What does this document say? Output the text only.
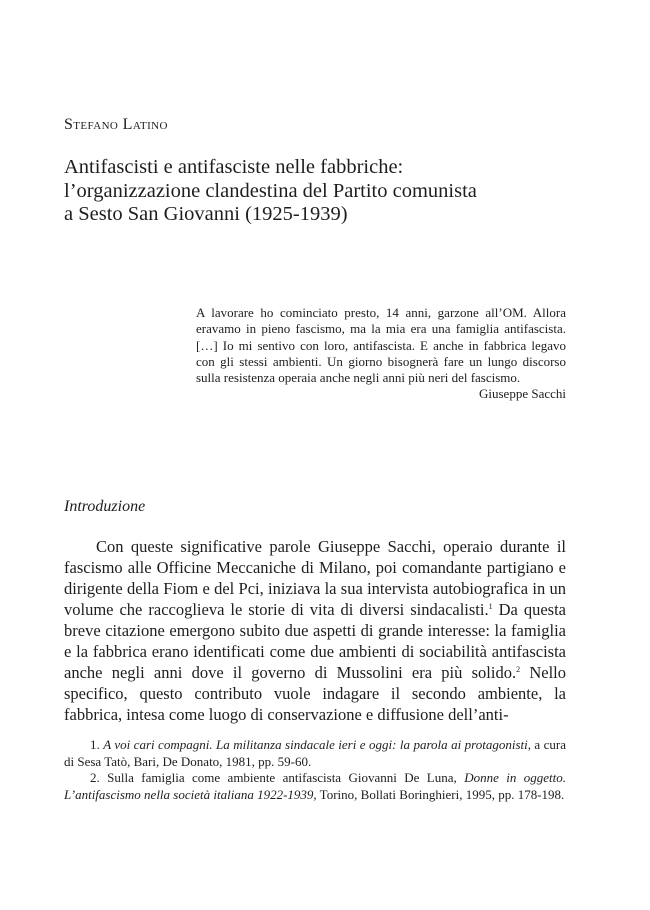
Stefano Latino
Antifascisti e antifasciste nelle fabbriche:
l’organizzazione clandestina del Partito comunista
a Sesto San Giovanni (1925-1939)

A lavorare ho cominciato presto, 14 anni, garzone all’OM. Allora eravamo in pieno fascismo, ma la mia era una famiglia antifascista. […] Io mi sentivo con loro, antifascista. E anche in fabbrica legavo con gli stessi ambienti. Un giorno bisognerà fare un lungo discorso sulla resistenza operaia anche negli anni più neri del fascismo.

Giuseppe Sacchi

Introduzione

Con queste significative parole Giuseppe Sacchi, operaio durante il fascismo alle Officine Meccaniche di Milano, poi comandante partigiano e dirigente della Fiom e del Pci, iniziava la sua intervista autobiografica in un volume che raccoglieva le storie di vita di diversi sindacalisti.$^1$ Da questa breve citazione emergono subito due aspetti di grande interesse: la famiglia e la fabbrica erano identificati come due ambienti di sociabilità antifascista anche negli anni dove il governo di Mussolini era più solido.$^2$ Nello specifico, questo contributo vuole indagare il secondo ambiente, la fabbrica, intesa come luogo di conservazione e diffusione dell’anti-

1. A voi cari compagni. La militanza sindacale ieri e oggi: la parola ai protagonisti, a cura di Sesa Tatò, Bari, De Donato, 1981, pp. 59-60.

2. Sulla famiglia come ambiente antifascista Giovanni De Luna, Donne in oggetto. L’antifascismo nella società italiana 1922-1939, Torino, Bollati Boringhieri, 1995, pp. 178-198.
